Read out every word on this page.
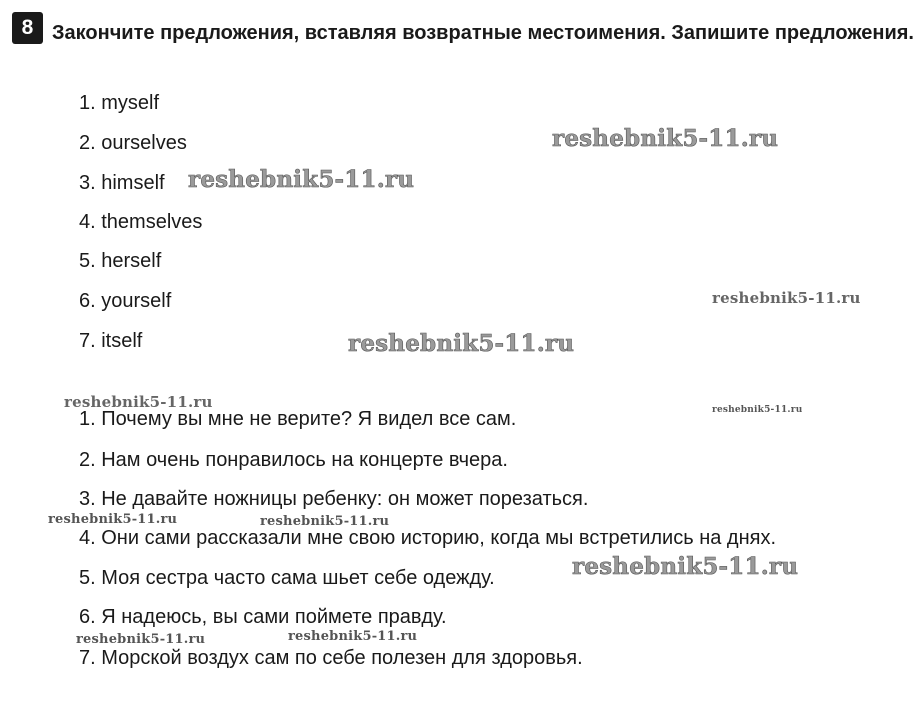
8 Закончите предложения, вставляя возвратные местоимения. Запишите предложения.
1. myself
2. ourselves
3. himself
4. themselves
5. herself
6. yourself
7. itself
1. Почему вы мне не верите? Я видел все сам.
2. Нам очень понравилось на концерте вчера.
3. Не давайте ножницы ребенку: он может порезаться.
4. Они сами рассказали мне свою историю, когда мы встретились на днях.
5. Моя сестра часто сама шьет себе одежду.
6. Я надеюсь, вы сами поймете правду.
7. Морской воздух сам по себе полезен для здоровья.
reshebnik5-11.ru
reshebnik5-11.ru
reshebnik5-11.ru
reshebnik5-11.ru
reshebnik5-11.ru	reshebnik5-11.ru
reshebnik5-11.ru	reshebnik5-11.ru
reshebnik5-11.ru
reshebnik5-11.ru	reshebnik5-11.ru
